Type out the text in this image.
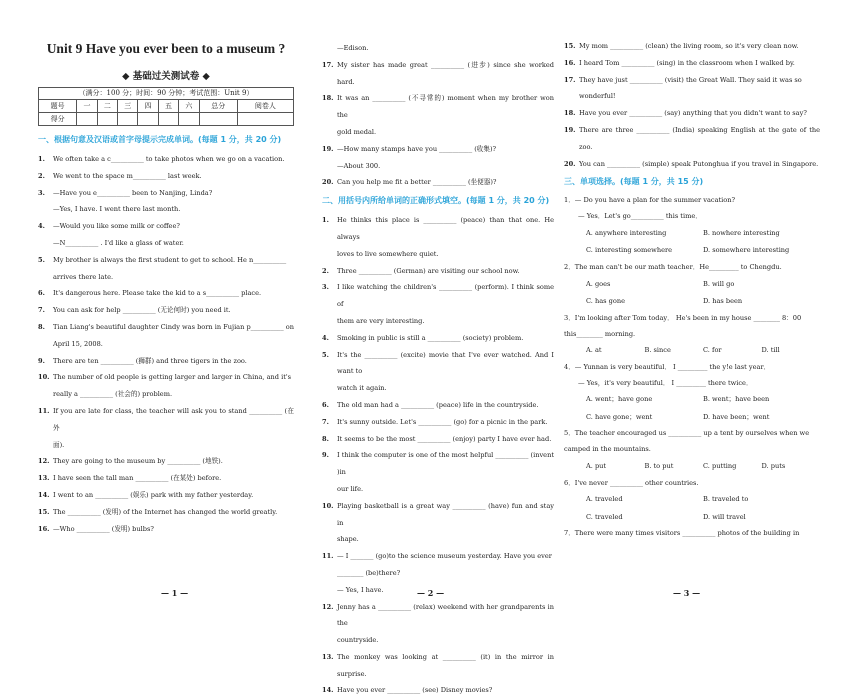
Unit 9 Have you ever been to a museum ?
◆ 基础过关测试卷 ◆
（满分：100 分；时间：90 分钟；考试范围：Unit 9）
题号	一	二	三	四	五	六	总分	阅卷人
得分								
一、根据句意及汉语或首字母提示完成单词。(每题 1 分，共 20 分)
1.	We often take a c__________ to take photos when we go on a vacation.
2.	We went to the space m__________ last week.
3.	—Have you e__________ been to Nanjing, Linda?
—Yes, I have. I went there last month.
4.	—Would you like some milk or coffee?
—N__________ . I'd like a glass of water.
5.	My brother is always the first student to get to school. He n__________
arrives there late.
6.	It's dangerous here. Please take the kid to a s__________ place.
7.	You can ask for help __________ (无论何时) you need it.
8.	Tian Liang's beautiful daughter Cindy was born in Fujian p__________ on
April 15, 2008.
9.	There are ten __________ (狮群) and three tigers in the zoo.
10. The number of old people is getting larger and larger in China, and it's
really a __________ (社会的) problem.
11. If you are late for class, the teacher will ask you to stand __________ (在外
面).
12. They are going to the museum by __________ (地铁).
13. I have seen the tall man __________ (在某处) before.
14. I went to an __________ (娱乐) park with my father yesterday.
15. The __________ (发明) of the Internet has changed the world greatly.
16. —Who __________ (发明) bulbs?
—Edison.
17. My sister has made great __________ (进步) since she worked hard.
18. It was an __________ (不寻常的) moment when my brother won the
gold medal.
19. —How many stamps have you __________ (收集)?
—About 300.
20. Can you help me fit a better __________ (坐便器)?
二、用括号内所给单词的正确形式填空。(每题 1 分，共 20 分)
1.	He thinks this place is __________ (peace) than that one. He always
loves to live somewhere quiet.
2.	Three __________ (German) are visiting our school now.
3.	I like watching the children's __________ (perform). I think some of
them are very interesting.
4.	Smoking in public is still a __________ (society) problem.
5.	It's the __________ (excite) movie that I've ever watched. And I want to
watch it again.
6.	The old man had a __________ (peace) life in the countryside.
7.	It's sunny outside. Let's __________ (go) for a picnic in the park.
8.	It seems to be the most __________ (enjoy) party I have ever had.
9.	I think the computer is one of the most helpful __________ (invent )in
our life.
10. Playing basketball is a great way __________ (have) fun and stay in
shape.
11. — I _______ (go)to the science museum yesterday. Have you ever
________ (be)there?
— Yes, I have.
12. Jenny has a __________ (relax) weekend with her grandparents in the
countryside.
13. The monkey was looking at __________ (it) in the mirror in surprise.
14. Have you ever __________ (see) Disney movies?
15. My mom __________ (clean) the living room, so it's very clean now.
16. I heard Tom __________ (sing) in the classroom when I walked by.
17. They have just __________ (visit) the Great Wall. They said it was so
wonderful!
18. Have you ever __________ (say) anything that you didn't want to say?
19. There are three __________ (India) speaking English at the gate of the zoo.
20. You can __________ (simple) speak Putonghua if you travel in Singapore.
三、单项选择。(每题 1 分，共 15 分)
1．— Do you have a plan for the summer vacation?
— Yes．Let's go__________ this time．
A. anywhere interesting	B. nowhere interesting
C. interesting somewhere	D. somewhere interesting
2．The man can't be our math teacher．He_________ to Chengdu.
A. goes	B. will go
C. has gone	D. has been
3．I'm looking after Tom today． He's been in my house ________ 8：00
this________ morning.
A. at	B. since	C. for	D. till
4．— Yunnan is very beautiful． I _________ the y!e last year．
— Yes，it's very beautiful． I _________ there twice．
A. went；have gone	B. went；have been
C. have gone；went	D. have been；went
5．The teacher encouraged us __________ up a tent by ourselves when we
camped in the mountains.
A. put	B. to put	C. putting	D. puts
6．I've never __________ other countries.
A. traveled	B. traveled to
C. traveled	D. will travel
7．There were many times visitors __________ photos of the building in
— 1 —	— 2 —	— 3 —
